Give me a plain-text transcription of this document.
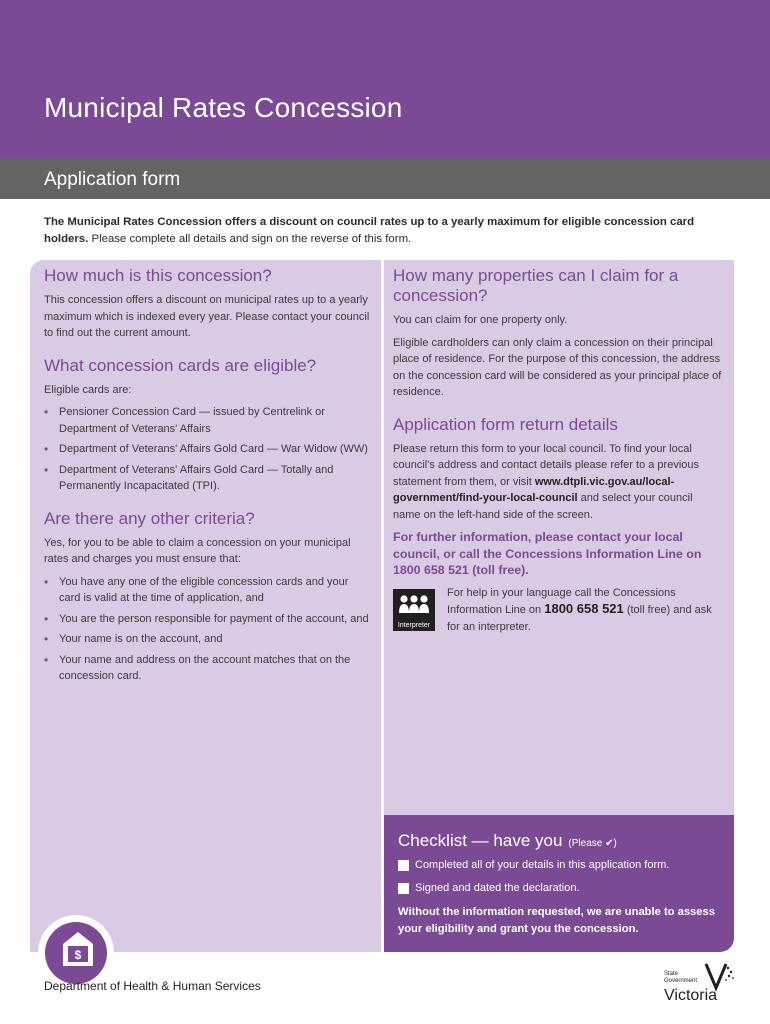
Municipal Rates Concession
Application form
The Municipal Rates Concession offers a discount on council rates up to a yearly maximum for eligible concession card holders. Please complete all details and sign on the reverse of this form.
How much is this concession?

This concession offers a discount on municipal rates up to a yearly maximum which is indexed every year. Please contact your council to find out the current amount.

What concession cards are eligible?

Eligible cards are:

• Pensioner Concession Card — issued by Centrelink or Department of Veterans' Affairs
• Department of Veterans' Affairs Gold Card — War Widow (WW)
• Department of Veterans' Affairs Gold Card — Totally and Permanently Incapacitated (TPI).
Are there any other criteria?

Yes, for you to be able to claim a concession on your municipal rates and charges you must ensure that:

• You have any one of the eligible concession cards and your card is valid at the time of application, and
• You are the person responsible for payment of the account, and
• Your name is on the account, and
• Your name and address on the account matches that on the concession card.
How many properties can I claim for a concession?

You can claim for one property only.

Eligible cardholders can only claim a concession on their principal place of residence. For the purpose of this concession, the address on the concession card will be considered as your principal place of residence.

Application form return details

Please return this form to your local council. To find your local council's address and contact details please refer to a previous statement from them, or visit www.dtpli.vic.gov.au/local-government/find-your-local-council and select your council name on the left-hand side of the screen.

For further information, please contact your local council, or call the Concessions Information Line on 1800 658 521 (toll free).

Interpreter
For help in your language call the Concessions Information Line on 1800 658 521 (toll free) and ask for an interpreter.
Checklist — have you (Please ✔)
Completed all of your details in this application form.
Signed and dated the declaration.
Without the information requested, we are unable to assess your eligibility and grant you the concession.
$
Department of Health & Human Services
State
Government
Victoria
